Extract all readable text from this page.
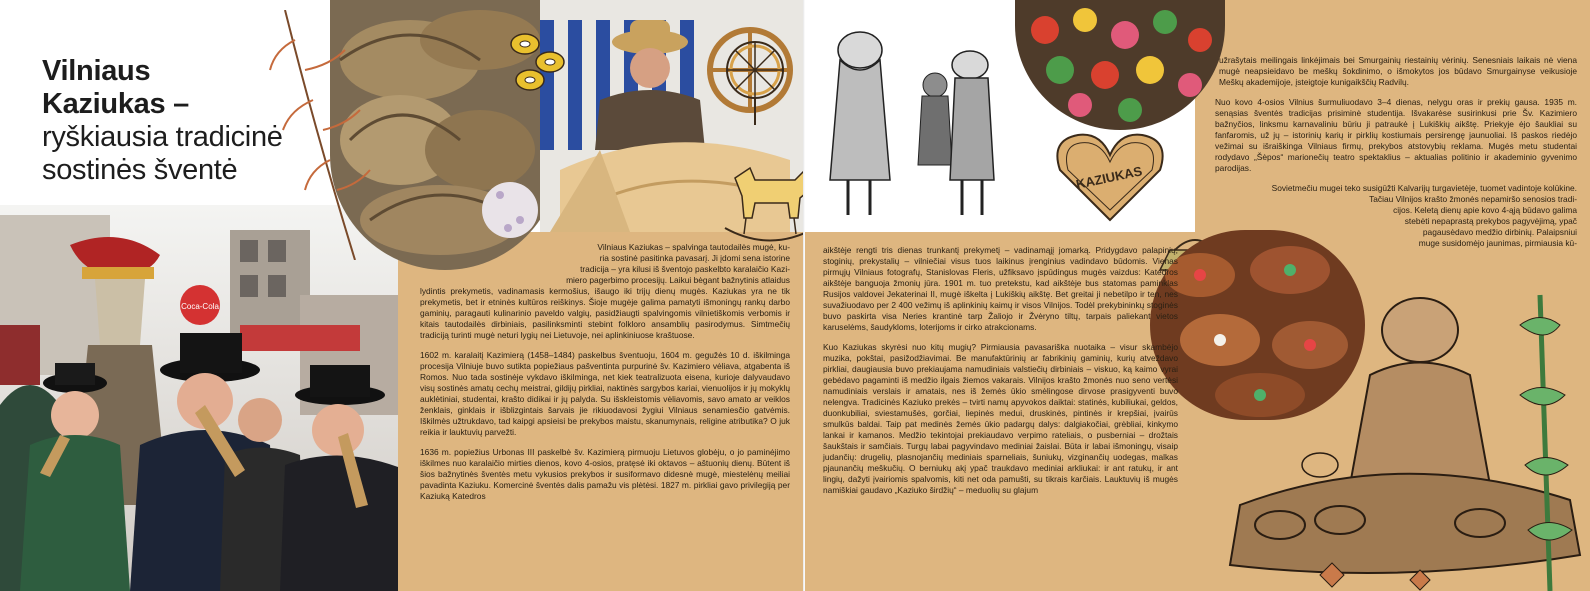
Coca-Cola
Vilniaus
Kaziukas –
ryškiausia tradicinė
sostinės šventė
Vilniaus Kaziukas – spalvinga tautodailės mugė, ku-
ria sostinė pasitinka pavasarį. Ji įdomi sena istorine
tradicija – yra kilusi iš šventojo paskelbto karalaičio Kazi-
miero pagerbimo procesijų. Laikui bėgant bažnytinis atlaidus

lydintis prekymetis, vadinamasis kermošius, išaugo iki trijų dienų mugės. Kaziukas yra ne tik prekymetis, bet ir etninės kultūros reiškinys. Šioje mugėje galima pamatyti išmoningų rankų darbo gaminių, paragauti kulinarinio paveldo valgių, pasidžiaugti spalvingomis vilnietiškomis verbomis ir kitais tautodailės dirbiniais, pasilinksminti stebint folkloro ansamblių pasirodymus. Simtmečių tradiciją turinti mugė neturi lygių nei Lietuvoje, nei aplinkiniuose kraštuose.

1602 m. karalaitį Kazimierą (1458–1484) paskelbus šventuoju, 1604 m. gegužės 10 d. iškilminga procesija Vilniuje buvo sutikta popiežiaus pašventinta purpurinė šv. Kazimiero vėliava, atgabenta iš Romos. Nuo tada sostinėje vykdavo iškilminga, net kiek teatralizuota eisena, kurioje dalyvaudavo visų sostinės amatų cechų meistrai, gildijų pirkliai, naktinės sargybos kariai, vienuolijos ir jų mokyklų auklėtiniai, studentai, krašto didikai ir jų palyda. Su išskleistomis vėliavomis, savo amato ar veiklos ženklais, ginklais ir išblizgintais šarvais jie rikiuodavosi žygiui Vilniaus senamiesčio gatvėmis. Iškilmės užtrukdavo, tad kaipgi apsieisi be prekybos maistu, skanumynais, religine atributika? O juk reikia ir lauktuvių parvežti.

1636 m. popiežius Urbonas III paskelbė šv. Kazimierą pirmuoju Lietuvos globėju, o jo paminėjimo iškilmes nuo karalaičio mirties dienos, kovo 4-osios, pratęsė iki oktavos – aštuonių dienų. Būtent iš šios bažnytinės šventės metu vykusios prekybos ir susiformavo didesnė mugė, miestelėnų meiliai pavadinta Kaziuku. Komercinė šventės dalis pamažu vis plėtėsi. 1827 m. pirkliai gavo privilegiją per Kaziuką Katedros

KAZIUKAS

aikštėje rengti tris dienas trunkantį prekymetį – vadinamąjį jomarką. Pridygdavo palapinių, stoginių, prekystalių – vilniečiai visus tuos laikinus įrenginius vadindavo būdomis. Vienas pirmųjų Vilniaus fotografų, Stanislovas Fleris, užfiksavo įspūdingus mugės vaizdus: Katedros aikštėje banguoja žmonių jūra. 1901 m. tuo pretekstu, kad aikštėje bus statomas paminklas Rusijos valdovei Jekaterinai II, mugė iškelta į Lukiškių aikštę. Bet greitai ji nebetilpo ir ten, nes suvažiuodavo per 2 400 vežimų iš aplinkinių kaimų ir visos Vilnijos. Todėl prekybininkų stoginės buvo paskirta visa Neries krantinė tarp Žaliojo ir Žvėryno tiltų, tarpais paliekant vietos karuselėms, šaudykloms, loterijoms ir cirko atrakcionams.

Kuo Kaziukas skyrėsi nuo kitų mugių? Pirmiausia pavasariška nuotaika – visur skambėjo muzika, pokštai, pasižodžiavimai. Be manufaktūrinių ar fabrikinių gaminių, kurių atveždavo pirkliai, daugiausia buvo prekiaujama namudiniais valstiečių dirbiniais – viskuo, ką kaimo vyrai gebėdavo pagaminti iš medžio ilgais žiemos vakarais. Vilnijos krašto žmonės nuo seno vertėsi namudiniais verslais ir amatais, nes iš žemės ūkio smėlingose dirvose prasigyventi buvo nelengva. Tradicinės Kaziuko prekės – tvirti namų apyvokos daiktai: statinės, kubiliukai, geldos, duonkubiliai, sviestamušės, gorčiai, liepinės medui, druskinės, pintinės ir krepšiai, įvairūs smulkūs baldai. Taip pat medinės žemės ūkio padargų dalys: dalgiakočiai, grėbliai, kinkymo lankai ir kamanos. Medžio tekintojai prekiaudavo verpimo rateliais, o pusberniai – drožtais šaukštais ir samčiais. Turgų labai pagyvindavo mediniai žaislai. Būta ir labai išmoningų, visaip judančių: drugelių, plasnojančių mediniais sparneliais, šuniukų, vizginančių uodegas, malkas pjaunančių meškučių. O berniukų akį ypač traukdavo mediniai arkliukai: ir ant ratukų, ir ant lingių, dažyti įvairiomis spalvomis, kiti net oda pamušti, su tikrais karčiais. Lauktuvių iš mugės namiškiai gaudavo „Kaziuko širdžių“ – meduolių su glajum

užrašytais meilingais linkėjimais bei Smurgainių riestainių vėrinių. Senesniais laikais nė viena mugė neapsieidavo be meškų šokdinimo, o išmokytos jos būdavo Smurgainyse veikusioje Meškų akademijoje, įsteigtoje kunigaikščių Radvilų.

Nuo kovo 4-osios Vilnius šurmuliuodavo 3–4 dienas, nelygu oras ir prekių gausa. 1935 m. senąsias šventės tradicijas prisiminė studentija. Išvakarėse susirinkusi prie Šv. Kazimiero bažnyčios, linksmu karnavaliniu būriu ji patraukė į Lukiškių aikštę. Priekyje ėjo šaukliai su fanfaromis, už jų – istorinių karių ir pirklių kostiumais persirengę jaunuoliai. Iš paskos riedėjo vežimai su išraiškinga Vilniaus firmų, prekybos atstovybių reklama. Mugės metu studentai rodydavo „Šėpos“ marionečių teatro spektaklius – aktualias politinio ir akademinio gyvenimo parodijas.

Sovietmečiu mugei teko susigūžti Kalvarijų turgavietėje, tuomet vadintoje kolūkine.
Tačiau Vilnijos krašto žmonės nepamiršo senosios tradi-
cijos. Keletą dienų apie kovo 4-ąją būdavo galima
stebėti nepaprastą prekybos pagyvėjimą, ypač
pagausėdavo medžio dirbinių. Palaipsniui
muge susidomėjo jaunimas, pirmiausia kū-
